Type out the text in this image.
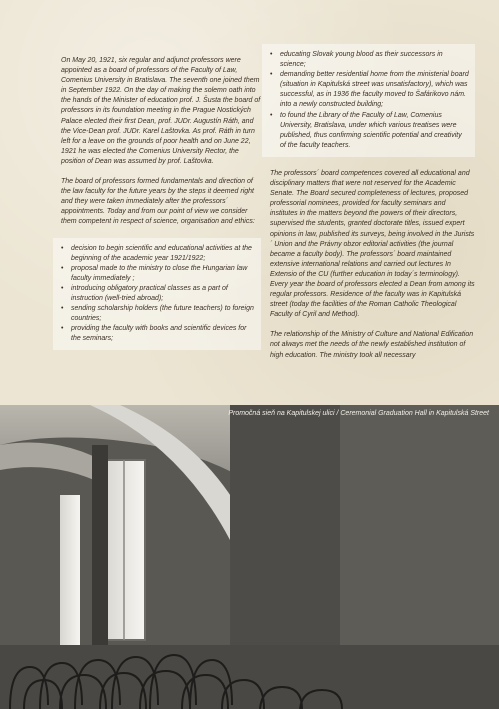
On May 20, 1921, six regular and adjunct professors were appointed as a board of professors of the Faculty of Law, Comenius University in Bratislava. The seventh one joined them in September 1922. On the day of making the solemn oath into the hands of the Minister of education prof. J. Šusta the board of professors in its foundation meeting in the Prague Nostických Palace elected their first Dean, prof. JUDr. Augustín Ráth, and the Vice-Dean prof. JUDr. Karel Laštovka. As prof. Ráth in turn left for a leave on the grounds of poor health and on June 22, 1921 he was elected the Comenius University Rector, the position of Dean was assumed by prof. Laštovka.

The board of professors formed fundamentals and direction of the law faculty for the future years by the steps it deemed right and they were taken immediately after the professors´ appointments. Today and from our point of view we consider them competent in respect of science, organisation and ethics:

• decision to begin scientific and educational activities at the beginning of the academic year 1921/1922;
• proposal made to the ministry to close the Hungarian law faculty immediately ;
• introducing obligatory practical classes as a part of instruction (well-tried abroad);
• sending scholarship holders (the future teachers) to foreign countries;
• providing the faculty with books and scientific devices for the seminars;
• educating Slovak young blood as their successors in science;
• demanding better residential home from the ministerial board (situation in Kapitulská street was unsatisfactory), which was successful, as in 1936 the faculty moved to Šafárikovo nám. into a newly constructed building;
• to found the Library of the Faculty of Law, Comenius University, Bratislava, under which various treatises were published, thus confirming scientific potential and creativity of the faculty teachers.

The professors´ board competences covered all educational and disciplinary matters that were not reserved for the Academic Senate. The Board secured completeness of lectures, proposed professorial nominees, provided for faculty seminars and institutes in the matters beyond the powers of their directors, supervised the students, granted doctorate titles, issued expert opinions in law, published its surveys, being involved in the Jurists´ Union and the Právny obzor editorial activities (the journal became a faculty body). The professors´ board maintained extensive international relations and carried out lectures In Extensio of the CU (further education in today´s terminology). Every year the board of professors elected a Dean from among its regular professors. Residence of the faculty was in Kapitulská street (today the facilities of the Roman Catholic Theological Faculty of Cyril and Method).

The relationship of the Ministry of Culture and National Edification not always met the needs of the newly established institution of high education. The ministry took all necessary

Promočná sieň na Kapitulskej ulici / Ceremonial Graduation Hall in Kapitulská Street
